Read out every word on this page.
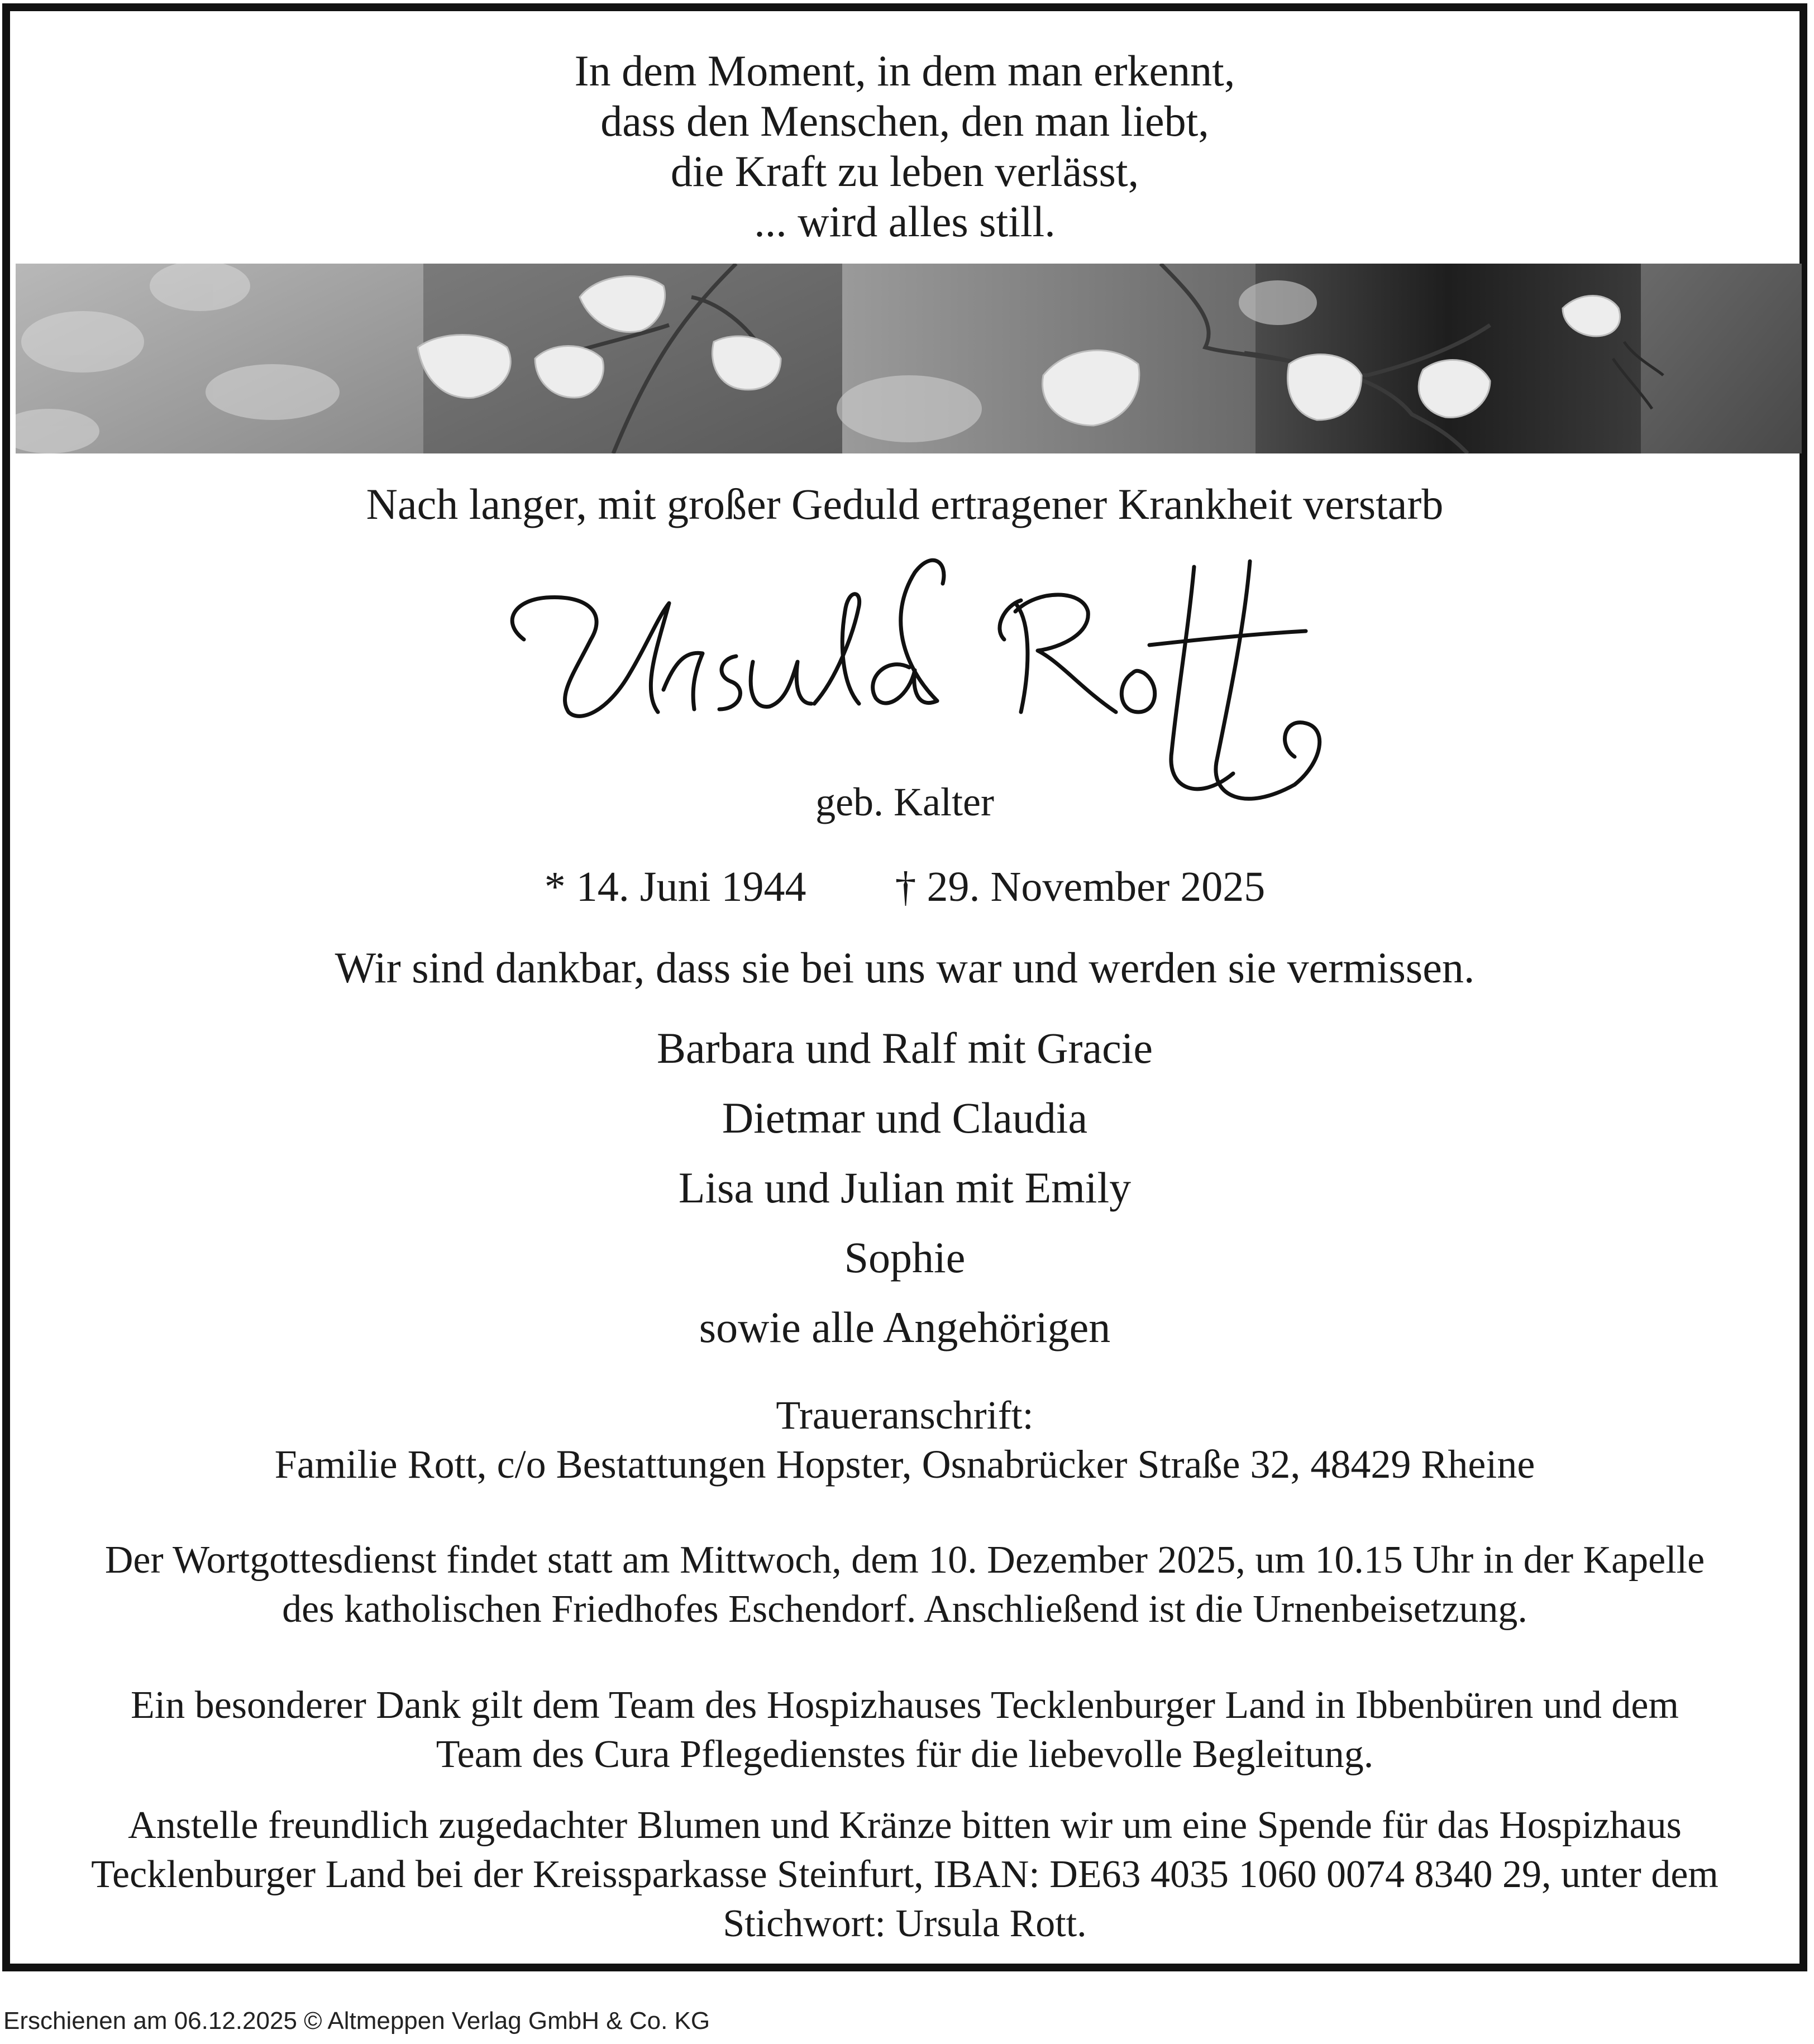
In dem Moment, in dem man erkennt,
dass den Menschen, den man liebt,
die Kraft zu leben verlässt,
... wird alles still.
Nach langer, mit großer Geduld ertragener Krankheit verstarb
geb. Kalter
* 14. Juni 1944 † 29. November 2025
Wir sind dankbar, dass sie bei uns war und werden sie vermissen.
Barbara und Ralf mit Gracie
Dietmar und Claudia
Lisa und Julian mit Emily
Sophie
sowie alle Angehörigen
Traueranschrift:
Familie Rott, c/o Bestattungen Hopster, Osnabrücker Straße 32, 48429 Rheine
Der Wortgottesdienst findet statt am Mittwoch, dem 10. Dezember 2025, um 10.15 Uhr in der Kapelle
des katholischen Friedhofes Eschendorf. Anschließend ist die Urnenbeisetzung.
Ein besonderer Dank gilt dem Team des Hospizhauses Tecklenburger Land in Ibbenbüren und dem
Team des Cura Pflegedienstes für die liebevolle Begleitung.
Anstelle freundlich zugedachter Blumen und Kränze bitten wir um eine Spende für das Hospizhaus
Tecklenburger Land bei der Kreissparkasse Steinfurt, IBAN: DE63 4035 1060 0074 8340 29, unter dem
Stichwort: Ursula Rott.
Erschienen am 06.12.2025 © Altmeppen Verlag GmbH & Co. KG
